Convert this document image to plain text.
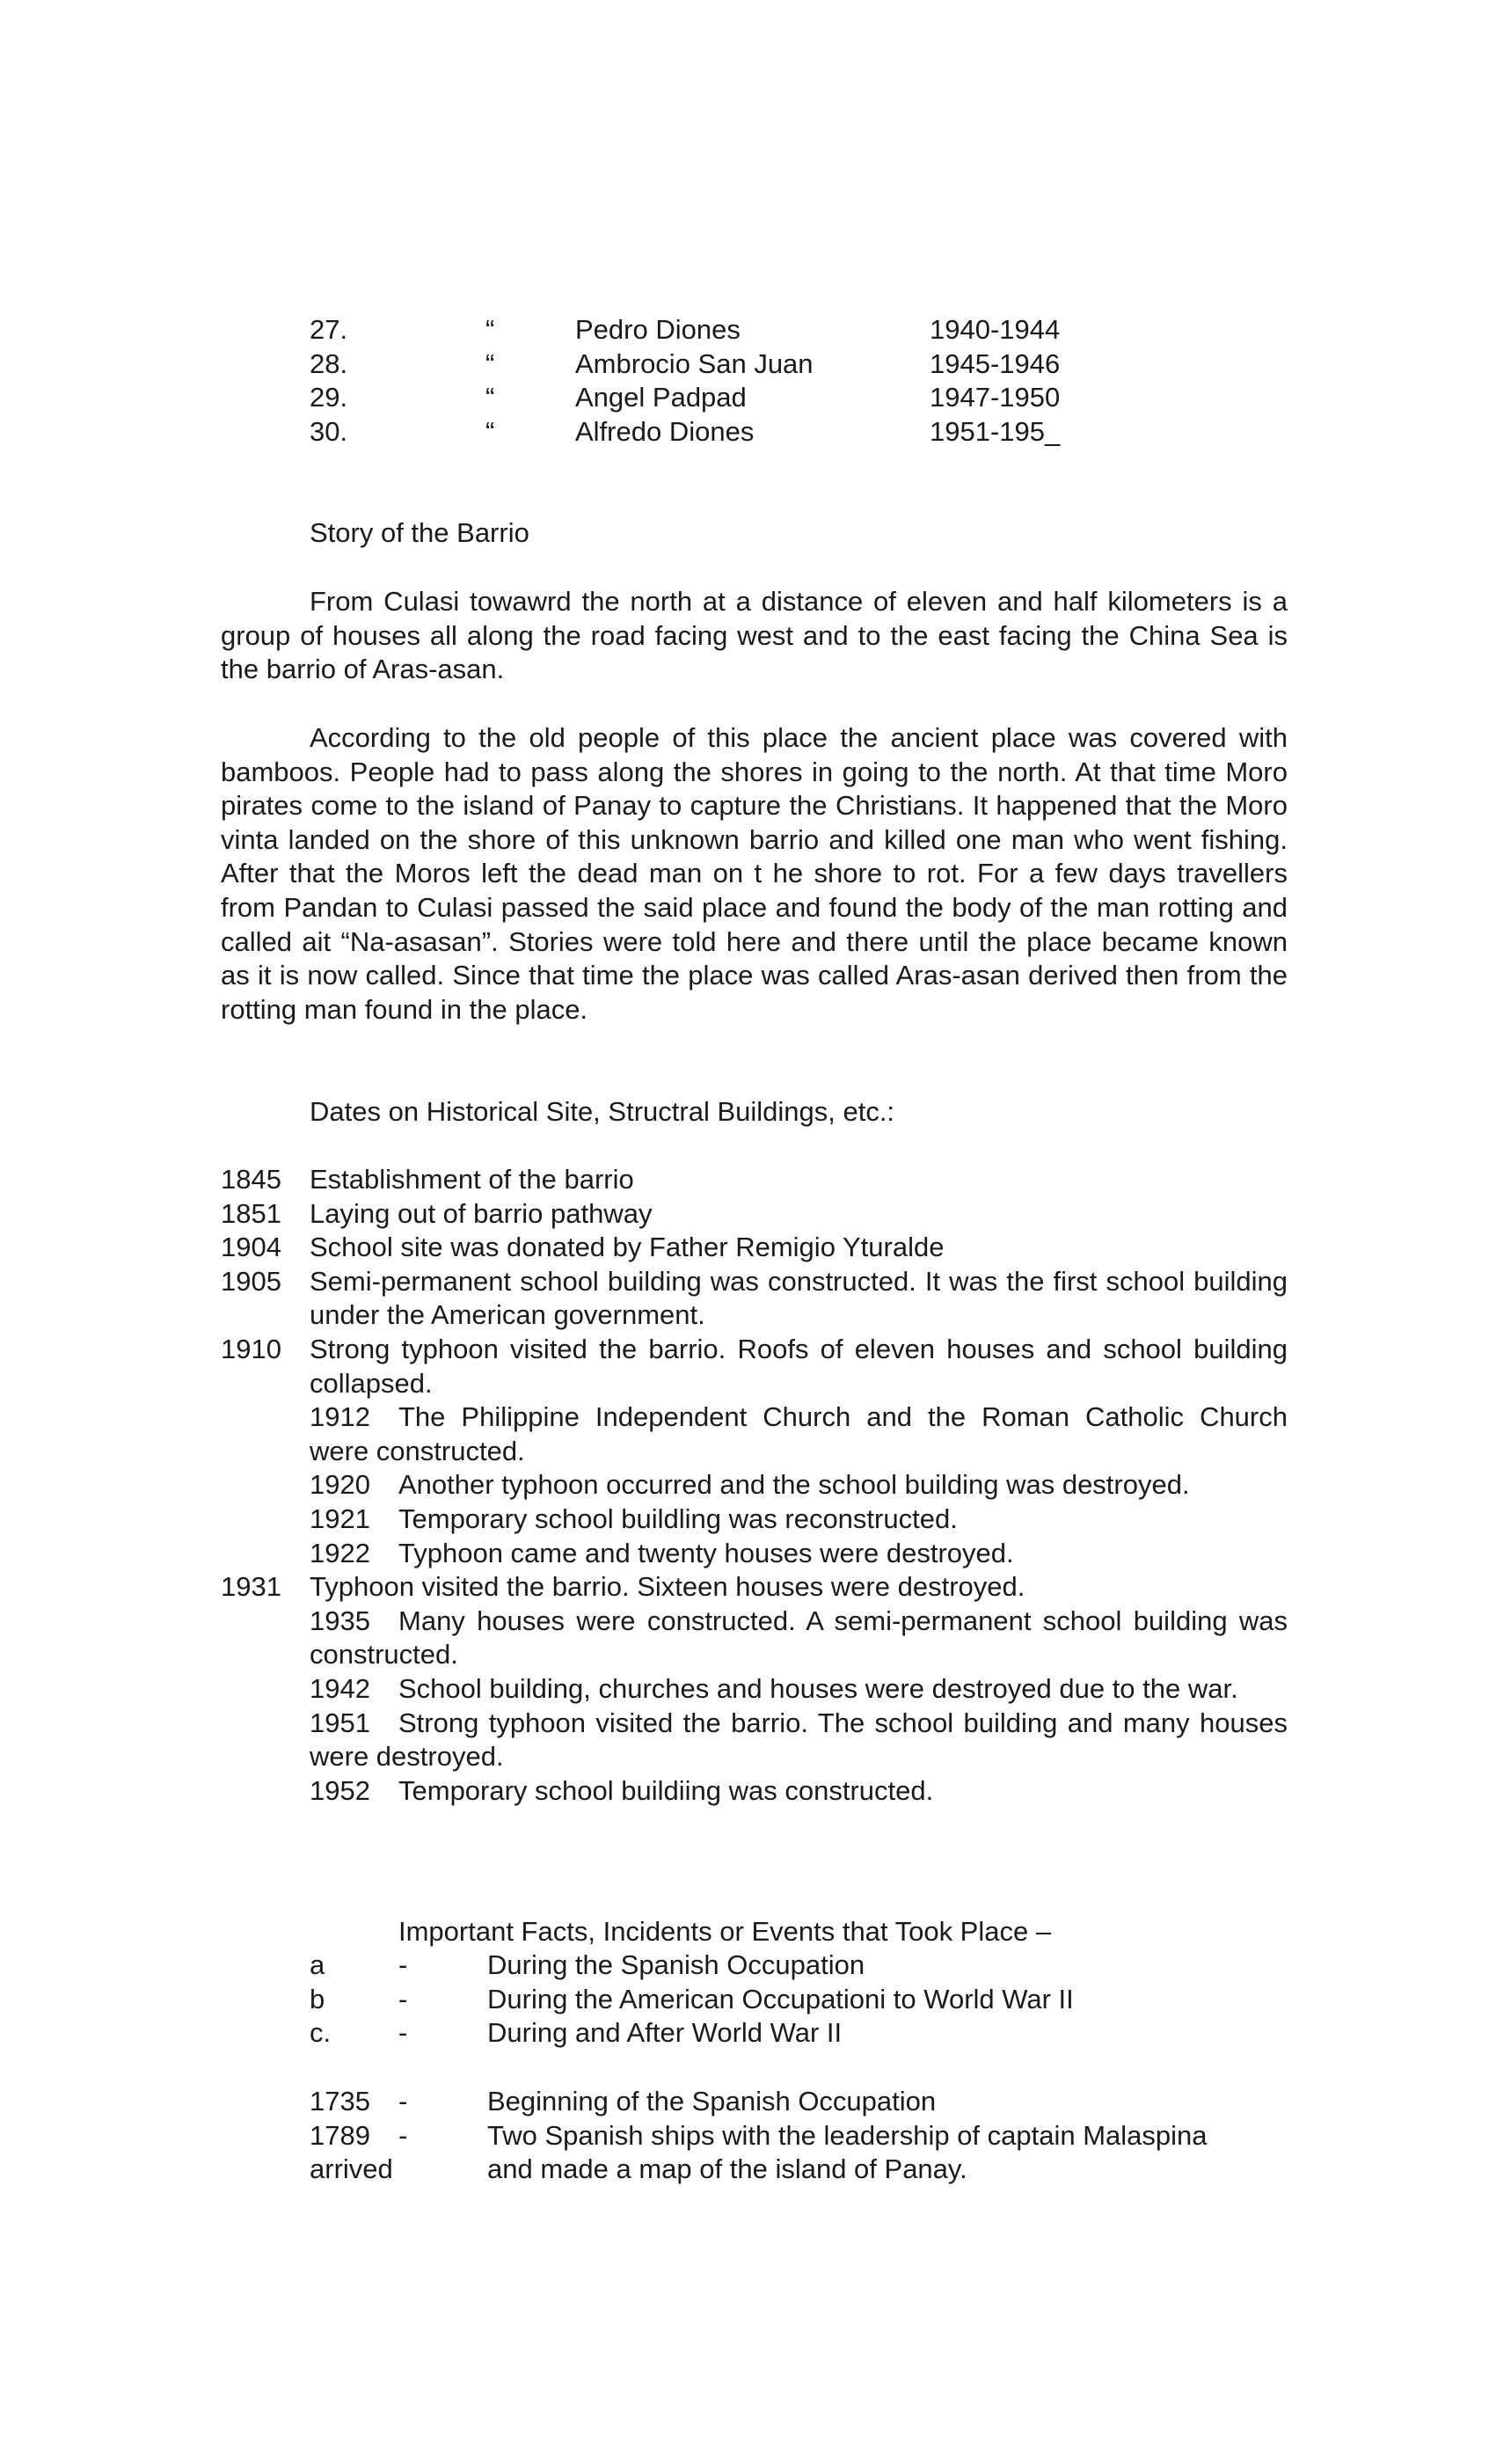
27.	“	Pedro Diones	1940-1944
28.	“	Ambrocio San Juan	1945-1946
29.	“	Angel Padpad	1947-1950
30.	“	Alfredo Diones	1951-195_
Story of the Barrio

From Culasi towawrd the north at a distance of eleven and half kilometers is a group of houses all along the road facing west and to the east facing the China Sea is the barrio of Aras-asan.

According to the old people of this place the ancient place was covered with bamboos. People had to pass along the shores in going to the north. At that time Moro pirates come to the island of Panay to capture the Christians. It happened that the Moro vinta landed on the shore of this unknown barrio and killed one man who went fishing. After that the Moros left the dead man on t he shore to rot. For a few days travellers from Pandan to Culasi passed the said place and found the body of the man rotting and called ait “Na-asasan”. Stories were told here and there until the place became known as it is now called. Since that time the place was called Aras-asan derived then from the rotting man found in the place.

Dates on Historical Site, Structral Buildings, etc.:
1845	Establishment of the barrio
1851	Laying out of barrio pathway
1904	School site was donated by Father Remigio Yturalde
1905	Semi-permanent school building was constructed. It was the first school building under the American government.
1910	Strong typhoon visited the barrio. Roofs of eleven houses and school building collapsed.
1912 The Philippine Independent Church and the Roman Catholic Church were constructed.
1920 Another typhoon occurred and the school building was destroyed.
1921 Temporary school buildling was reconstructed.
1922 Typhoon came and twenty houses were destroyed.
1931	Typhoon visited the barrio. Sixteen houses were destroyed.
1935 Many houses were constructed. A semi-permanent school building was constructed.
1942 School building, churches and houses were destroyed due to the war.
1951 Strong typhoon visited the barrio. The school building and many houses were destroyed.
1952 Temporary school buildiing was constructed.
Important Facts, Incidents or Events that Took Place –
a	-	During the Spanish Occupation
b	-	During the American Occupationi to World War II
c.	-	During and After World War II
1735	-	Beginning of the Spanish Occupation
1789	-	Two Spanish ships with the leadership of captain Malaspina
arrived	and made a map of the island of Panay.
